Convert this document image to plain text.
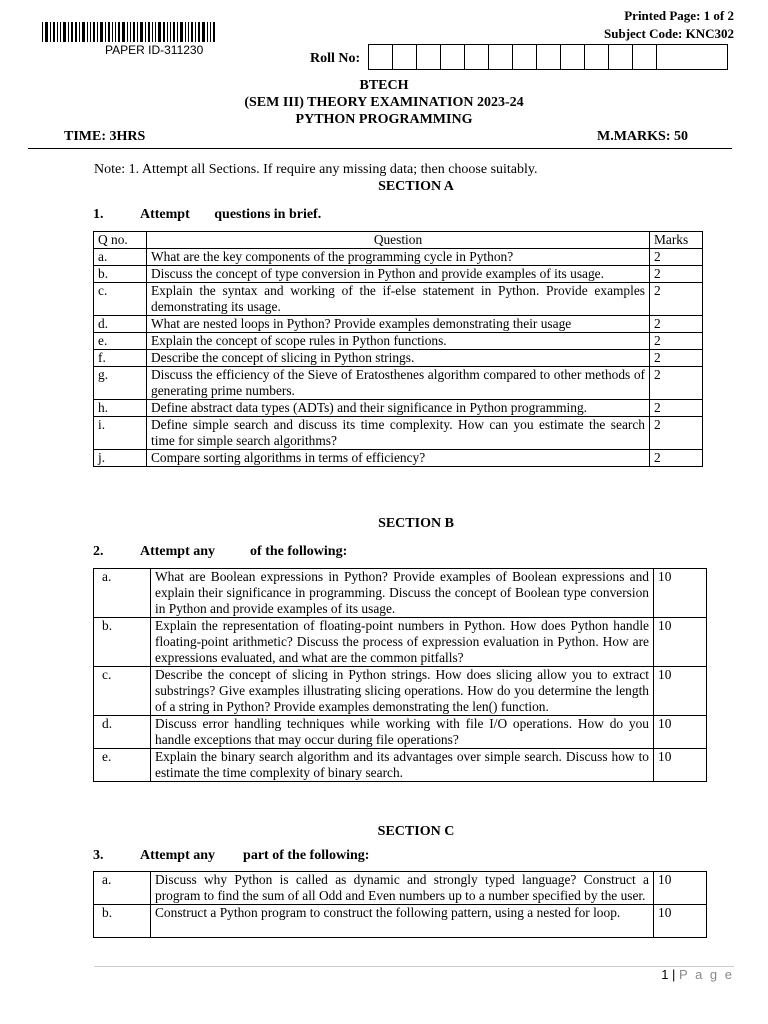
PAPER ID-311230
Printed Page: 1 of 2
Subject Code: KNC302
Roll No:
BTECH
(SEM III) THEORY EXAMINATION 2023-24
PYTHON PROGRAMMING
TIME: 3HRS	M.MARKS: 50
Note: 1. Attempt all Sections. If require any missing data; then choose suitably.
SECTION A
1.	Attempt       questions in brief.
Q no.	Question	Marks
a.	What are the key components of the programming cycle in Python?	2
b.	Discuss the concept of type conversion in Python and provide examples of its usage.	2
c.	Explain the syntax and working of the if-else statement in Python. Provide examples demonstrating its usage.	2
d.	What are nested loops in Python? Provide examples demonstrating their usage	2
e.	Explain the concept of scope rules in Python functions.	2
f.	Describe the concept of slicing in Python strings.	2
g.	Discuss the efficiency of the Sieve of Eratosthenes algorithm compared to other methods of generating prime numbers.	2
h.	Define abstract data types (ADTs) and their significance in Python programming.	2
i.	Define simple search and discuss its time complexity. How can you estimate the search time for simple search algorithms?	2
j.	Compare sorting algorithms in terms of efficiency?	2
SECTION B
2.	Attempt any          of the following:
a.	What are Boolean expressions in Python? Provide examples of Boolean expressions and explain their significance in programming. Discuss the concept of Boolean type conversion in Python and provide examples of its usage.	10
b.	Explain the representation of floating-point numbers in Python. How does Python handle floating-point arithmetic? Discuss the process of expression evaluation in Python. How are expressions evaluated, and what are the common pitfalls?	10
c.	Describe the concept of slicing in Python strings. How does slicing allow you to extract substrings? Give examples illustrating slicing operations. How do you determine the length of a string in Python? Provide examples demonstrating the len() function.	10
d.	Discuss error handling techniques while working with file I/O operations. How do you handle exceptions that may occur during file operations?	10
e.	Explain the binary search algorithm and its advantages over simple search. Discuss how to estimate the time complexity of binary search.	10
SECTION C
3.	Attempt any        part of the following:
a.	Discuss why Python is called as dynamic and strongly typed language? Construct a program to find the sum of all Odd and Even numbers up to a number specified by the user.	10
b.	Construct a Python program to construct the following pattern, using a nested for loop.	10
1 | P a g e
